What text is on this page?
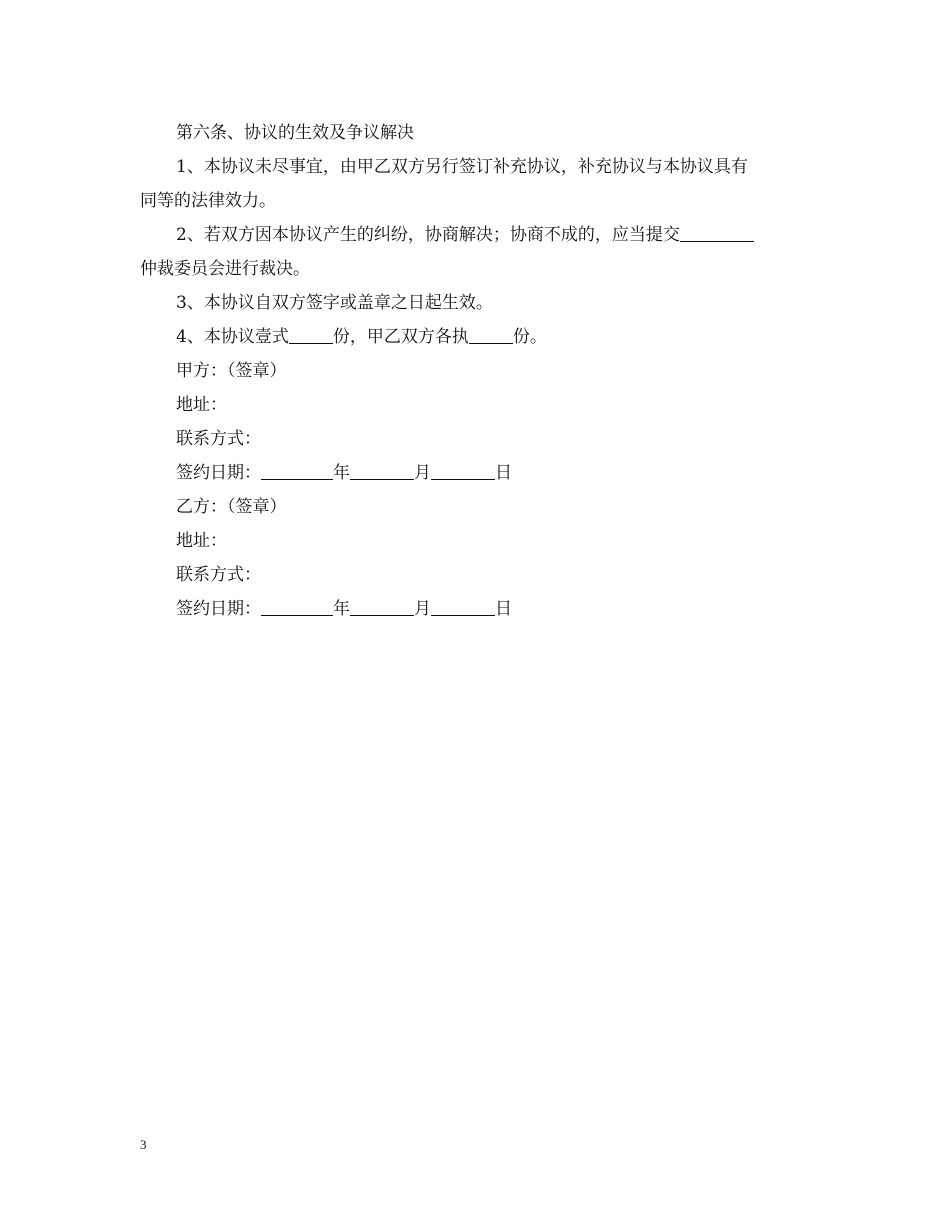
第六条、协议的生效及争议解决

1、本协议未尽事宜，由甲乙双方另行签订补充协议，补充协议与本协议具有

同等的法律效力。

2、若双方因本协议产生的纠纷，协商解决；协商不成的，应当提交

仲裁委员会进行裁决。

3、本协议自双方签字或盖章之日起生效。

4、本协议壹式	份，甲乙双方各执	份。

甲方：（签章）

地址：

联系方式：

签约日期：	年	月	日

乙方：（签章）

地址：

联系方式：

签约日期：	年	月	日

3
